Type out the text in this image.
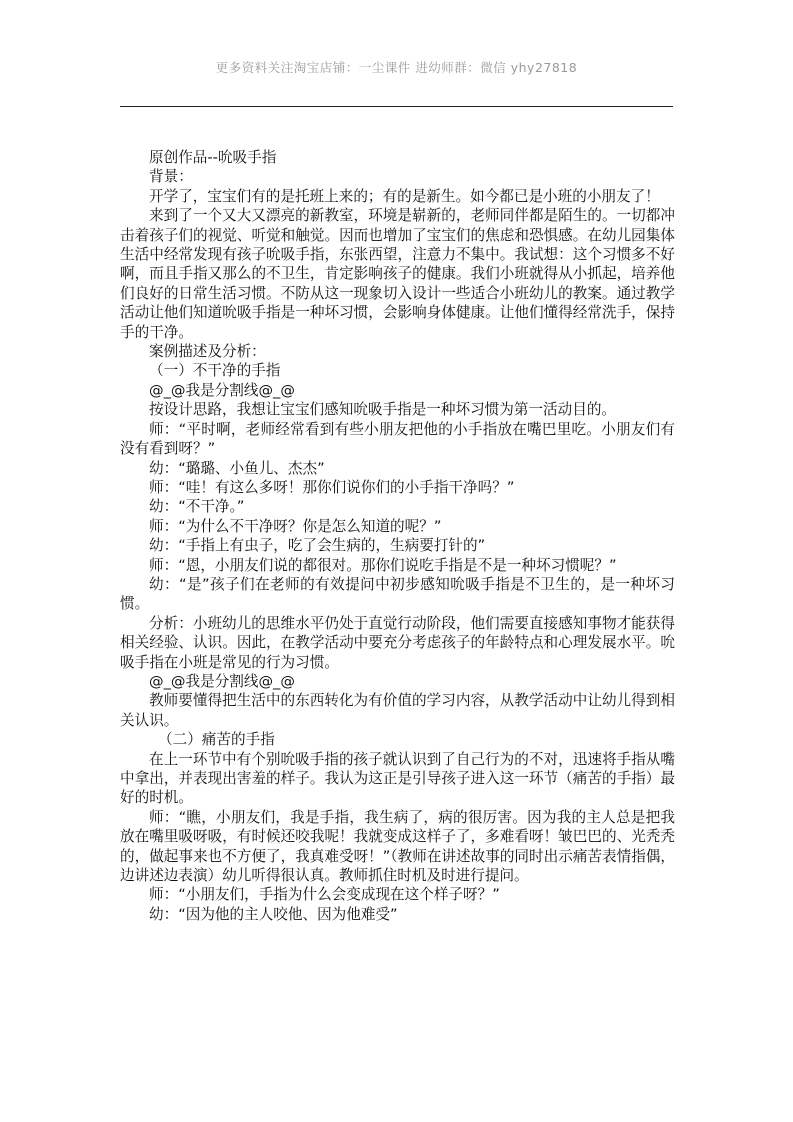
更多资料关注淘宝店铺：一尘课件 进幼师群：微信 yhy27818

原创作品--吮吸手指

背景：

开学了，宝宝们有的是托班上来的；有的是新生。如今都已是小班的小朋友了！

来到了一个又大又漂亮的新教室，环境是崭新的，老师同伴都是陌生的。一切都冲击着孩子们的视觉、听觉和触觉。因而也增加了宝宝们的焦虑和恐惧感。在幼儿园集体生活中经常发现有孩子吮吸手指，东张西望，注意力不集中。我试想：这个习惯多不好啊，而且手指又那么的不卫生，肯定影响孩子的健康。我们小班就得从小抓起，培养他们良好的日常生活习惯。不防从这一现象切入设计一些适合小班幼儿的教案。通过教学活动让他们知道吮吸手指是一种坏习惯，会影响身体健康。让他们懂得经常洗手，保持手的干净。

案例描述及分析：

（一）不干净的手指

@_@我是分割线@_@

按设计思路，我想让宝宝们感知吮吸手指是一种坏习惯为第一活动目的。

师：“平时啊，老师经常看到有些小朋友把他的小手指放在嘴巴里吃。小朋友们有没有看到呀？”

幼：“璐璐、小鱼儿、杰杰”

师：“哇！有这么多呀！那你们说你们的小手指干净吗？”

幼：“不干净。”

师：“为什么不干净呀？你是怎么知道的呢？”

幼：“手指上有虫子，吃了会生病的，生病要打针的”

师：“恩，小朋友们说的都很对。那你们说吃手指是不是一种坏习惯呢？”

幼：“是”孩子们在老师的有效提问中初步感知吮吸手指是不卫生的，是一种坏习惯。

分析：小班幼儿的思维水平仍处于直觉行动阶段，他们需要直接感知事物才能获得相关经验、认识。因此，在教学活动中要充分考虑孩子的年龄特点和心理发展水平。吮吸手指在小班是常见的行为习惯。

@_@我是分割线@_@

教师要懂得把生活中的东西转化为有价值的学习内容，从教学活动中让幼儿得到相关认识。

（二）痛苦的手指

在上一环节中有个别吮吸手指的孩子就认识到了自己行为的不对，迅速将手指从嘴中拿出，并表现出害羞的样子。我认为这正是引导孩子进入这一环节（痛苦的手指）最好的时机。

师：“瞧，小朋友们，我是手指，我生病了，病的很厉害。因为我的主人总是把我放在嘴里吸呀吸，有时候还咬我呢！我就变成这样子了，多难看呀！皱巴巴的、光秃秃的，做起事来也不方便了，我真难受呀！”（教师在讲述故事的同时出示痛苦表情指偶，边讲述边表演）幼儿听得很认真。教师抓住时机及时进行提问。

师：“小朋友们，手指为什么会变成现在这个样子呀？”

幼：“因为他的主人咬他、因为他难受”
